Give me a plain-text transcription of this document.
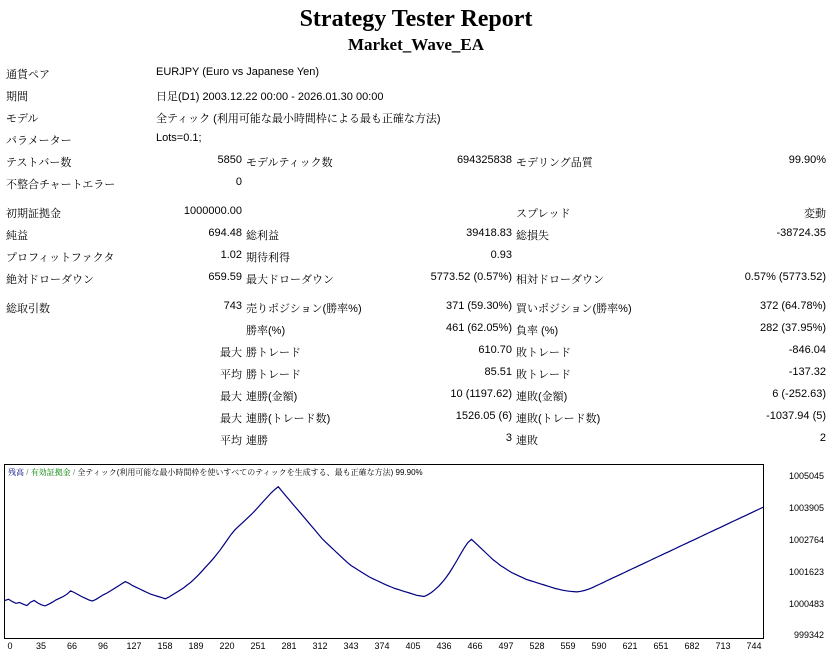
Strategy Tester Report
Market_Wave_EA
通貨ペア	EURJPY (Euro vs Japanese Yen)				
期間	日足(D1) 2003.12.22 00:00 - 2026.01.30 00:00				
モデル	全ティック (利用可能な最小時間枠による最も正確な方法)				
パラメーター	Lots=0.1;				
テストバー数	5850	モデルティック数	694325838	モデリング品質	99.90%
不整合チャートエラー	0				
初期証拠金	1000000.00			スプレッド	変動
純益	694.48	総利益	39418.83	総損失	-38724.35
プロフィットファクタ	1.02	期待利得	0.93		
絶対ドローダウン	659.59	最大ドローダウン	5773.52 (0.57%)	相対ドローダウン	0.57% (5773.52)
総取引数	743	売りポジション(勝率%)	371 (59.30%)	買いポジション(勝率%)	372 (64.78%)
		勝率(%)	461 (62.05%)	負率 (%)	282 (37.95%)
	最大	勝トレード	610.70	敗トレード	-846.04
	平均	勝トレード	85.51	敗トレード	-137.32
	最大	連勝(金額)	10 (1197.62)	連敗(金額)	6 (-252.63)
	最大	連勝(トレード数)	1526.05 (6)	連敗(トレード数)	-1037.94 (5)
	平均	連勝	3	連敗	2
残高 / 有効証拠金 / 全ティック(利用可能な最小時間枠を使いすべてのティックを生成する、最も正確な方法) 99.90%	1005045
1003905
1002764
1001623
1000483
999342
0	35 66 96 127 158 189 220 251 281 312 343 374 405 436 466 497 528 559 590 621 651 682 713 744
